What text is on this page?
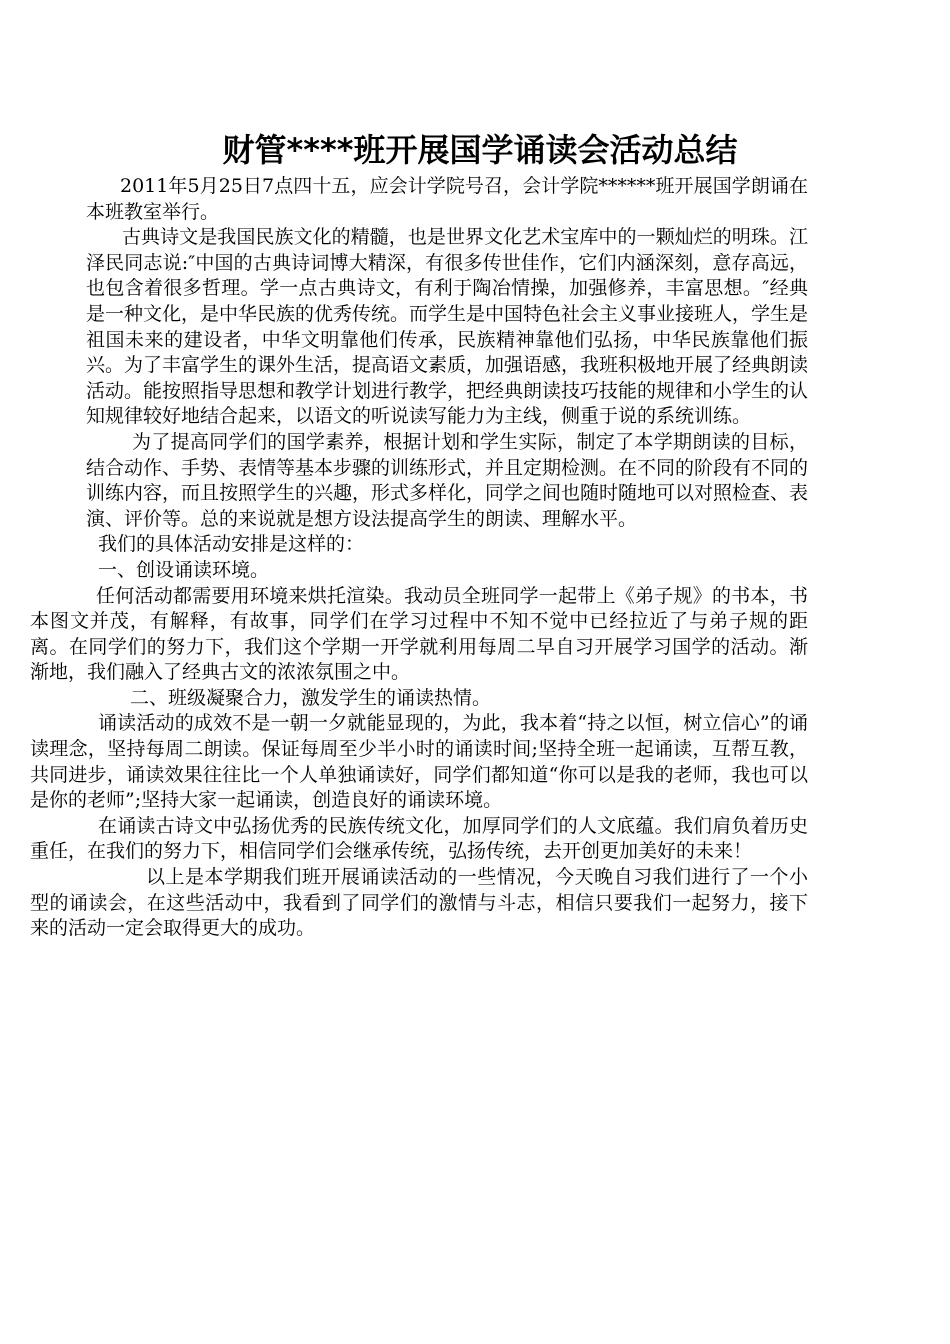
财管****班开展国学诵读会活动总结

2011年5月25日7点四十五，应会计学院号召，会计学院******班开展国学朗诵在本班教室举行。

古典诗文是我国民族文化的精髓，也是世界文化艺术宝库中的一颗灿烂的明珠。江泽民同志说:″中国的古典诗词博大精深，有很多传世佳作，它们内涵深刻，意存高远，也包含着很多哲理。学一点古典诗文，有利于陶冶情操，加强修养，丰富思想。″经典是一种文化，是中华民族的优秀传统。而学生是中国特色社会主义事业接班人，学生是祖国未来的建设者，中华文明靠他们传承，民族精神靠他们弘扬，中华民族靠他们振兴。为了丰富学生的课外生活，提高语文素质，加强语感，我班积极地开展了经典朗读活动。能按照指导思想和教学计划进行教学，把经典朗读技巧技能的规律和小学生的认知规律较好地结合起来，以语文的听说读写能力为主线，侧重于说的系统训练。

为了提高同学们的国学素养，根据计划和学生实际，制定了本学期朗读的目标，结合动作、手势、表情等基本步骤的训练形式，并且定期检测。在不同的阶段有不同的训练内容，而且按照学生的兴趣，形式多样化，同学之间也随时随地可以对照检查、表演、评价等。总的来说就是想方设法提高学生的朗读、理解水平。

我们的具体活动安排是这样的：

一、创设诵读环境。

任何活动都需要用环境来烘托渲染。我动员全班同学一起带上《弟子规》的书本，书本图文并茂，有解释，有故事，同学们在学习过程中不知不觉中已经拉近了与弟子规的距离。在同学们的努力下，我们这个学期一开学就利用每周二早自习开展学习国学的活动。渐渐地，我们融入了经典古文的浓浓氛围之中。

二、班级凝聚合力，激发学生的诵读热情。

诵读活动的成效不是一朝一夕就能显现的，为此，我本着“持之以恒，树立信心”的诵读理念，坚持每周二朗读。保证每周至少半小时的诵读时间;坚持全班一起诵读，互帮互教，共同进步，诵读效果往往比一个人单独诵读好，同学们都知道“你可以是我的老师，我也可以是你的老师”;坚持大家一起诵读，创造良好的诵读环境。

在诵读古诗文中弘扬优秀的民族传统文化，加厚同学们的人文底蕴。我们肩负着历史重任，在我们的努力下，相信同学们会继承传统，弘扬传统，去开创更加美好的未来！

以上是本学期我们班开展诵读活动的一些情况，今天晚自习我们进行了一个小型的诵读会，在这些活动中，我看到了同学们的激情与斗志，相信只要我们一起努力，接下来的活动一定会取得更大的成功。
